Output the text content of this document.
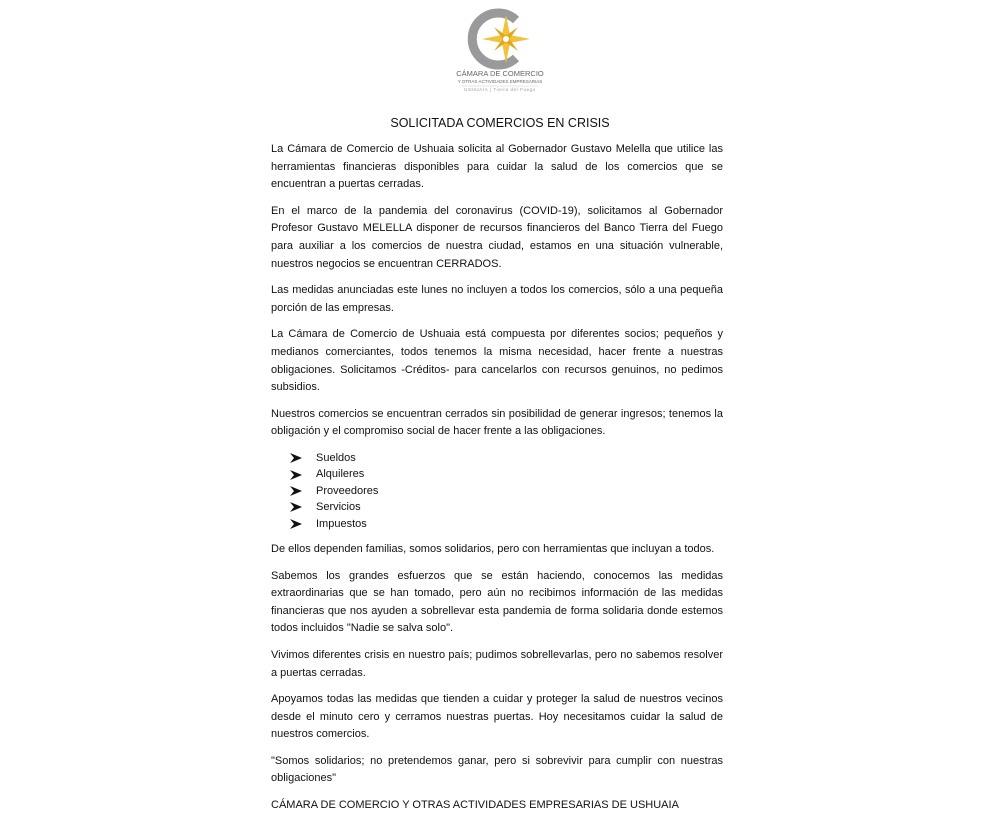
CÁMARA DE COMERCIO
Y OTRAS ACTIVIDADES EMPRESARIAS
USHUAIA | Tierra del Fuego
SOLICITADA COMERCIOS EN CRISIS

La Cámara de Comercio de Ushuaia solicita al Gobernador Gustavo Melella que utilice las herramientas financieras disponibles para cuidar la salud de los comercios que se encuentran a puertas cerradas.

En el marco de la pandemia del coronavirus (COVID-19), solicitamos al Gobernador Profesor Gustavo MELELLA disponer de recursos financieros del Banco Tierra del Fuego para auxiliar a los comercios de nuestra ciudad, estamos en una situación vulnerable, nuestros negocios se encuentran CERRADOS.

Las medidas anunciadas este lunes no incluyen a todos los comercios, sólo a una pequeña porción de las empresas.

La Cámara de Comercio de Ushuaia está compuesta por diferentes socios; pequeños y medianos comerciantes, todos tenemos la misma necesidad, hacer frente a nuestras obligaciones. Solicitamos -Créditos- para cancelarlos con recursos genuinos, no pedimos subsidios.

Nuestros comercios se encuentran cerrados sin posibilidad de generar ingresos; tenemos la obligación y el compromiso social de hacer frente a las obligaciones.

Sueldos
Alquileres
Proveedores
Servicios
Impuestos

De ellos dependen familias, somos solidarios, pero con herramientas que incluyan a todos.

Sabemos los grandes esfuerzos que se están haciendo, conocemos las medidas extraordinarias que se han tomado, pero aún no recibimos información de las medidas financieras que nos ayuden a sobrellevar esta pandemia de forma solidaria donde estemos todos incluidos "Nadie se salva solo".

Vivimos diferentes crisis en nuestro país; pudimos sobrellevarlas, pero no sabemos resolver a puertas cerradas.

Apoyamos todas las medidas que tienden a cuidar y proteger la salud de nuestros vecinos desde el minuto cero y cerramos nuestras puertas. Hoy necesitamos cuidar la salud de nuestros comercios.

"Somos solidarios; no pretendemos ganar, pero si sobrevivir para cumplir con nuestras obligaciones"

CÁMARA DE COMERCIO Y OTRAS ACTIVIDADES EMPRESARIAS DE USHUAIA
